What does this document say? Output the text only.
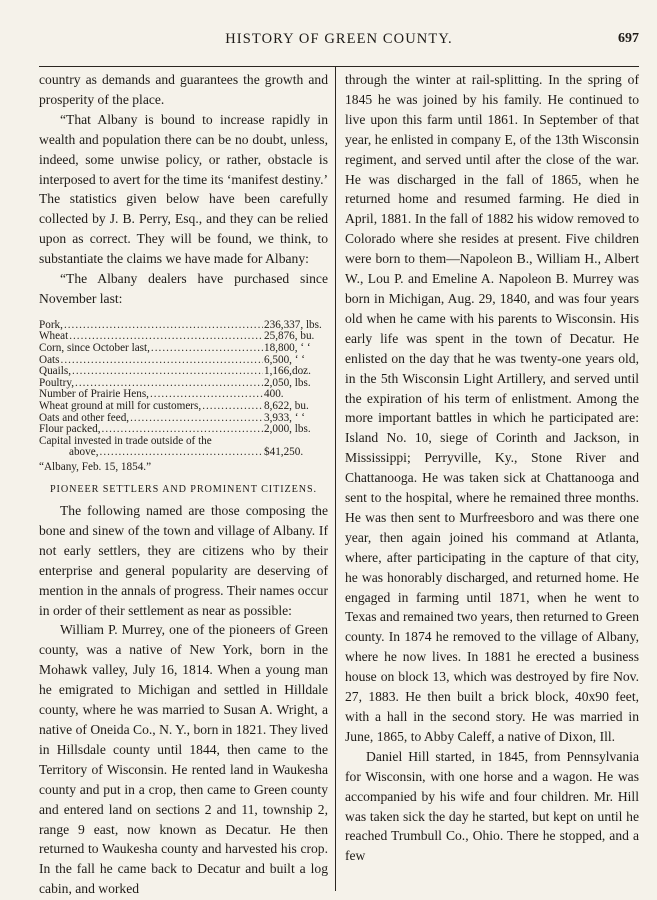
HISTORY OF GREEN COUNTY.	697

country as demands and guarantees the growth and prosperity of the place.

“That Albany is bound to increase rapidly in wealth and population there can be no doubt, unless, indeed, some unwise policy, or rather, obstacle is interposed to avert for the time its ‘manifest destiny.’ The statistics given below have been carefully collected by J. B. Perry, Esq., and they can be relied upon as correct. They will be found, we think, to substantiate the claims we have made for Albany:

“The Albany dealers have purchased since November last:

Pork, .....	236,337, lbs.
Wheat .....	25,876, bu.
Corn, since October last, .....	18,800, ‘ ‘
Oats .....	6,500, ‘ ‘
Quails, .....	1,166,doz.
Poultry, .....	2,050, lbs.
Number of Prairie Hens, .....	400.
Wheat ground at mill for customers, .....	8,622, bu.
Oats and other feed, .....	3,933, ‘ ‘
Flour packed, .....	2,000, lbs.
Capital invested in trade outside of the
above, .....	$41,250.
“Albany, Feb. 15, 1854.”
PIONEER SETTLERS AND PROMINENT CITIZENS.

The following named are those composing the bone and sinew of the town and village of Albany. If not early settlers, they are citizens who by their enterprise and general popularity are deserving of mention in the annals of progress. Their names occur in order of their settlement as near as possible:

William P. Murrey, one of the pioneers of Green county, was a native of New York, born in the Mohawk valley, July 16, 1814. When a young man he emigrated to Michigan and settled in Hilldale county, where he was married to Susan A. Wright, a native of Oneida Co., N. Y., born in 1821. They lived in Hillsdale county until 1844, then came to the Territory of Wisconsin. He rented land in Waukesha county and put in a crop, then came to Green county and entered land on sections 2 and 11, township 2, range 9 east, now known as Decatur. He then returned to Waukesha county and harvested his crop. In the fall he came back to Decatur and built a log cabin, and worked

through the winter at rail-splitting. In the spring of 1845 he was joined by his family. He continued to live upon this farm until 1861. In September of that year, he enlisted in company E, of the 13th Wisconsin regiment, and served until after the close of the war. He was discharged in the fall of 1865, when he returned home and resumed farming. He died in April, 1881. In the fall of 1882 his widow removed to Colorado where she resides at present. Five children were born to them—Napoleon B., William H., Albert W., Lou P. and Emeline A. Napoleon B. Murrey was born in Michigan, Aug. 29, 1840, and was four years old when he came with his parents to Wisconsin. His early life was spent in the town of Decatur. He enlisted on the day that he was twenty-one years old, in the 5th Wisconsin Light Artillery, and served until the expiration of his term of enlistment. Among the more important battles in which he participated are: Island No. 10, siege of Corinth and Jackson, in Mississippi; Perryville, Ky., Stone River and Chattanooga. He was taken sick at Chattanooga and sent to the hospital, where he remained three months. He was then sent to Murfreesboro and was there one year, then again joined his command at Atlanta, where, after participating in the capture of that city, he was honorably discharged, and returned home. He engaged in farming until 1871, when he went to Texas and remained two years, then returned to Green county. In 1874 he removed to the village of Albany, where he now lives. In 1881 he erected a business house on block 13, which was destroyed by fire Nov. 27, 1883. He then built a brick block, 40x90 feet, with a hall in the second story. He was married in June, 1865, to Abby Caleff, a native of Dixon, Ill.

Daniel Hill started, in 1845, from Pennsylvania for Wisconsin, with one horse and a wagon. He was accompanied by his wife and four children. Mr. Hill was taken sick the day he started, but kept on until he reached Trumbull Co., Ohio. There he stopped, and a few
